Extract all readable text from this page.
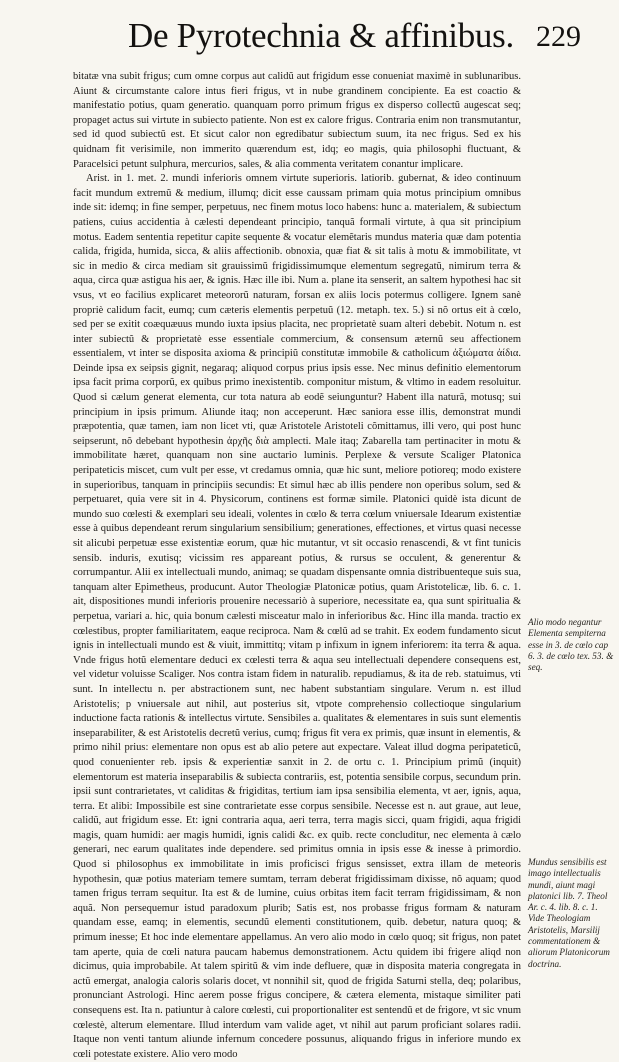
De Pyrotechnia & affinibus. 229

bitatæ vna subit frigus; cum omne corpus aut calidũ aut frigidum esse conueniat maximè in sublunaribus. Aiunt & circumstante calore intus fieri frigus, vt in nube grandinem concipiente. Ea est coactio & manifestatio potius, quam generatio. quanquam porro primum frigus ex disperso collectũ augescat seq; propaget actus sui virtute in subiecto patiente. Non est ex calore frigus. Contraria enim non transmutantur, sed id quod subiectũ est. Et sicut calor non egredibatur subiectum suum, ita nec frigus. Sed ex his quidnam fit verisimile, non immerito quærendum est, idq; eo magis, quia philosophi fluctuant, & Paracelsici petunt sulphura, mercurios, sales, & alia commenta veritatem conantur implicare.

Arist. in 1. met. 2. mundi inferioris omnem virtute superioris. latiorib. gubernat, & ideo continuum facit mundum extremũ & medium, illumq; dicit esse caussam primam quia motus principium omnibus inde sit: idemq; in fine semper, perpetuus, nec finem motus loco habens: hunc a. materialem, & subiectum patiens, cuius accidentia à cælesti dependeant principio, tanquã formali virtute, à qua sit principium motus. Eadem sententia repetitur capite sequente & vocatur elemẽtaris mundus materia quæ dam potentia calida, frigida, humida, sicca, & aliis affectionib. obnoxia, quæ fiat & sit talis à motu & immobilitate, vt sic in medio & circa mediam sit grauissimũ frigidissimumque elementum segregatũ, nimirum terra & aqua, circa quæ astigua his aer, & ignis. Hæc ille ibi. Num a. plane ita senserit, an saltem hypothesi hac sit vsus, vt eo facilius explicaret meteororũ naturam, forsan ex aliis locis potermus colligere. Ignem sanè propriè calidum facit, eumq; cum cæteris elementis perpetuũ (12. metaph. tex. 5.) si nõ ortus eit à cœlo, sed per se exitit coæquæuus mundo iuxta ipsius placita, nec proprietatè suam alteri debebit. Notum n. est inter subiectũ & proprietatè esse essentiale commercium, & consensum æternũ seu affectionem essentialem, vt inter se disposita axioma & principiũ constitutæ immobile & catholicum ἀξιώματα ἀίδια. Deinde ipsa ex seipsis gignit, negaraq; aliquod corpus prius ipsis esse. Nec minus definitio elementorum ipsa facit prima corporũ, ex quibus primo inexistentib. componitur mistum, & vltimo in eadem resoluitur. Quod si cælum generat elementa, cur tota natura ab eodẽ seiunguntur? Habent illa naturã, motusq; sui principium in ipsis primum. Aliunde itaq; non acceperunt. Hæc saniora esse illis, demonstrat mundi præpotentia, quæ tamen, iam non licet vti, quæ Aristotele Aristoteli cõmittamus, illi vero, qui post hunc seipserunt, nõ debebant hypothesin ἀρχῆς διὰ amplecti. Male itaq; Zabarella tam pertinaciter in motu & immobilitate hæret, quanquam non sine auctario luminis. Perplexe & versute Scaliger Platonica peripateticis miscet, cum vult per esse, vt credamus omnia, quæ hic sunt, meliore potioreq; modo existere in superioribus, tanquam in principiis secundis: Et simul hæc ab illis pendere non operibus solum, sed & perpetuaret, quia vere sit in 4. Physicorum, continens est formæ simile. Platonici quidè ista dicunt de mundo suo cœlesti & exemplari seu ideali, volentes in cœlo & terra cœlum vniuersale Idearum existentiæ esse à quibus dependeant rerum singularium sensibilium; generationes, effectiones, et virtus quasi necesse sit alicubi perpetuæ esse existentiæ eorum, quæ hic mutantur, vt sit occasio renascendi, & vt fint tunicis sensib. induris, exutisq; vicissim res appareant potius, & rursus se occulent, & generentur & corrumpantur. Alii ex intellectuali mundo, animaq; se quadam dispensante omnia distribuenteque suis sua, tanquam alter Epimetheus, producunt. Autor Theologiæ Platonicæ potius, quam Aristotelicæ, lib. 6. c. 1. ait, dispositiones mundi inferioris prouenire necessariò à superiore, necessitate ea, qua sunt spiritualia & perpetua, variari a. hic, quia bonum cælesti misceatur malo in inferioribus &c. Hinc illa manda. tractio ex cœlestibus, propter familiaritatem, eaque reciproca. Nam & cœlũ ad se trahit. Ex eodem fundamento sicut ignis in intellectuali mundo est & viuit, immittitq; vitam p infixum in ignem inferiorem: ita terra & aqua. Vnde frigus hotũ elementare deduci ex cœlesti terra & aqua seu intellectuali dependere consequens est, vel videtur voluisse Scaliger. Nos contra istam fidem in naturalib. repudiamus, & ita de reb. statuimus, vti sunt. In intellectu n. per abstractionem sunt, nec habent substantiam singulare. Verum n. est illud Aristotelis; p vniuersale aut nihil, aut posterius sit, vtpote comprehensio collectioque singularium inductione facta rationis & intellectus virtute. Sensibiles a. qualitates & elementares in suis sunt elementis inseparabiliter, & est Aristotelis decretũ verius, cumq; frigus fit vera ex primis, quæ insunt in elementis, & primo nihil prius: elementare non opus est ab alio petere aut expectare. Valeat illud dogma peripateticũ, quod conuenienter reb. ipsis & experientiæ sanxit in 2. de ortu c. 1. Principium primũ (inquit) elementorum est materia inseparabilis & subiecta contrariis, est, potentia sensibile corpus, secundum prin. ipsii sunt contrarietates, vt caliditas & frigiditas, tertium iam ipsa sensibilia elementa, vt aer, ignis, aqua, terra. Et alibi: Impossibile est sine contrarietate esse corpus sensibile. Necesse est n. aut graue, aut leue, calidũ, aut frigidum esse. Et: igni contraria aqua, aeri terra, terra magis sicci, quam frigidi, aqua frigidi magis, quam humidi: aer magis humidi, ignis calidi &c. ex quib. recte concluditur, nec elementa à cælo generari, nec earum qualitates inde dependere. sed primitus omnia in ipsis esse & inesse à primordio. Quod si philosophus ex immobilitate in imis proficisci frigus sensisset, extra illam de meteoris hypothesin, quæ potius materiam temere sumtam, terram deberat frigidissimam dixisse, nõ aquam; quod tamen frigus terram sequitur. Ita est & de lumine, cuius orbitas item facit terram frigidissimam, & non aquã. Non persequemur istud paradoxum plurib; Satis est, nos probasse frigus formam & naturam quandam esse, eamq; in elementis, secundũ elementi constitutionem, quib. debetur, natura quoq; & primum inesse; Et hoc inde elementare appellamus. An vero alio modo in cœlo quoq; sit frigus, non patet tam aperte, quia de cœli natura paucam habemus demonstrationem. Actu quidem ibi frigere aliqd non dicimus, quia improbabile. At talem spiritũ & vim inde defluere, quæ in disposita materia congregata in actũ emergat, analogia caloris solaris docet, vt nonnihil sit, quod de frigida Saturni stella, deq; polaribus, pronunciant Astrologi. Hinc aerem posse frigus concipere, & cætera elementa, mistaque similiter pati consequens est. Ita n. patiuntur à calore cœlesti, cui proportionaliter est sentendũ et de frigore, vt sic vnum cœlestè, alterum elementare. Illud interdum vam valide aget, vt nihil aut parum proficiant solares radii. Itaque non venti tantum aliunde infernum concedere possunus, aliquando frigus in inferiore mundo ex cœli potestate existere. Alio vero modo

Alio modo negantur Elementa sempiterna esse in 3. de cœlo cap 6. 3. de cœlo tex. 53. & seq.
Mundus sensibilis est imago intellectualis mundi, aiunt magi platonici lib. 7. Theol Ar. c. 4. lib. 8. c. 1. Vide Theologiam Aristotelis, Marsilij commentationem & aliorum Platonicorum doctrina.
